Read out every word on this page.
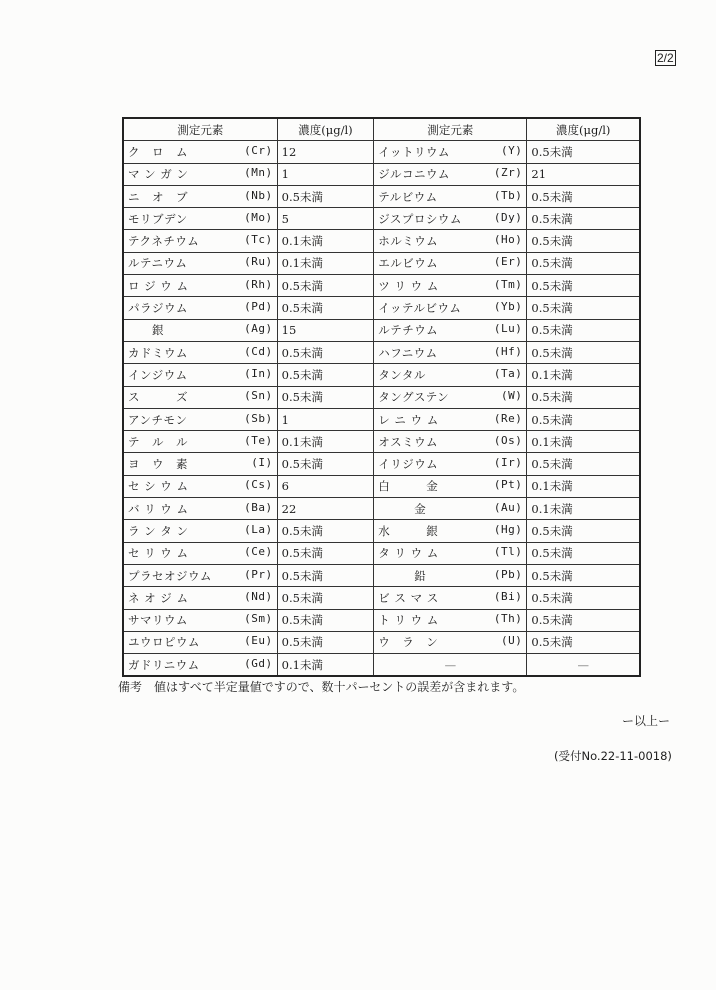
2/2
測定元素	濃度(μg/l)	測定元素	濃度(μg/l)

ク　ロ　ム (Cr)	12	イットリウム (Y)	0.5未満

マ ン ガ ン (Mn)	1	ジルコニウム (Zr)	21

ニ　オ　ブ (Nb)	0.5未満	テルビウム (Tb)	0.5未満

モリブデン (Mo)	5	ジスプロシウム (Dy)	0.5未満

テクネチウム (Tc)	0.1未満	ホルミウム (Ho)	0.5未満

ルテニウム (Ru)	0.1未満	エルビウム (Er)	0.5未満

ロ ジ ウ ム (Rh)	0.5未満	ツ リ ウ ム (Tm)	0.5未満

パラジウム (Pd)	0.5未満	イッテルビウム (Yb)	0.5未満

　　銀 (Ag)	15	ルテチウム (Lu)	0.5未満

カドミウム (Cd)	0.5未満	ハフニウム (Hf)	0.5未満

インジウム (In)	0.5未満	タンタル (Ta)	0.1未満

ス　　　ズ (Sn)	0.5未満	タングステン (W)	0.5未満

アンチモン (Sb)	1	レ ニ ウ ム (Re)	0.5未満

テ　ル　ル (Te)	0.1未満	オスミウム (Os)	0.1未満

ヨ　ウ　素 (I)	0.5未満	イリジウム (Ir)	0.5未満

セ シ ウ ム (Cs)	6	白　　　金 (Pt)	0.1未満

バ リ ウ ム (Ba)	22	　　　金 (Au)	0.1未満

ラ ン タ ン (La)	0.5未満	水　　　銀 (Hg)	0.5未満

セ リ ウ ム (Ce)	0.5未満	タ リ ウ ム (Tl)	0.5未満

プラセオジウム (Pr)	0.5未満	　　　鉛 (Pb)	0.5未満

ネ オ ジ ム (Nd)	0.5未満	ビ ス マ ス (Bi)	0.5未満

サマリウム (Sm)	0.5未満	ト リ ウ ム (Th)	0.5未満

ユウロピウム (Eu)	0.5未満	ウ　ラ　ン (U)	0.5未満

ガドリニウム (Gd)	0.1未満	—	—
備考　値はすべて半定量値ですので、数十パーセントの誤差が含まれます。
ー以上ー
(受付No.22-11-0018)
